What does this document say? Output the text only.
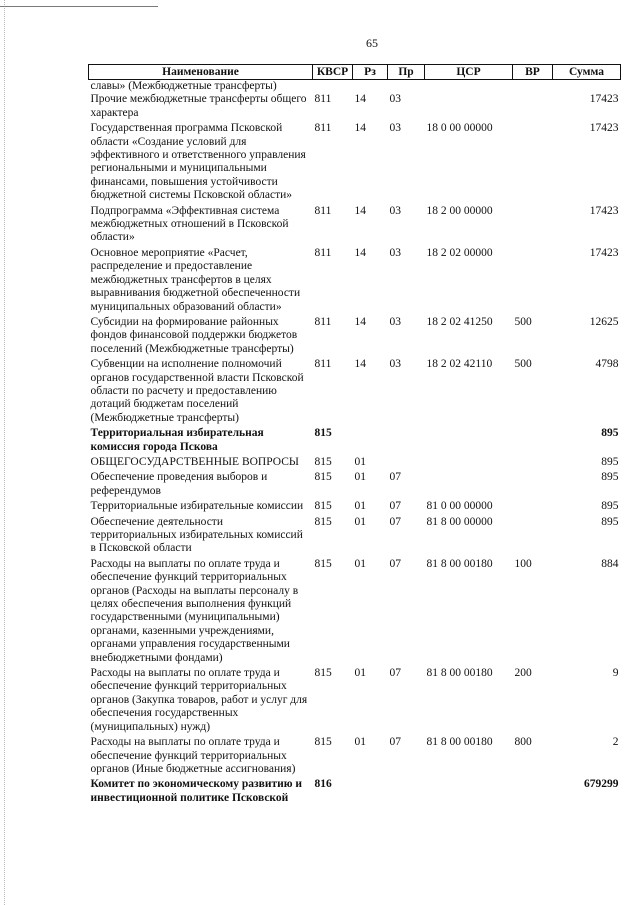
65
Наименование	КВСР	Рз	Пр	ЦСР	ВР	Сумма
славы» (Межбюджетные трансферты)						
Прочие межбюджетные трансферты общего характера	811	14	03			17423
Государственная программа Псковской области «Создание условий для эффективного и ответственного управления региональными и муниципальными финансами, повышения устойчивости бюджетной системы Псковской области»	811	14	03	18 0 00 00000		17423
Подпрограмма «Эффективная система межбюджетных отношений в Псковской области»	811	14	03	18 2 00 00000		17423
Основное мероприятие «Расчет, распределение и предоставление межбюджетных трансфертов в целях выравнивания бюджетной обеспеченности муниципальных образований области»	811	14	03	18 2 02 00000		17423
Субсидии на формирование районных фондов финансовой поддержки бюджетов поселений (Межбюджетные трансферты)	811	14	03	18 2 02 41250	500	12625
Субвенции на исполнение полномочий органов государственной власти Псковской области по расчету и предоставлению дотаций бюджетам поселений (Межбюджетные трансферты)	811	14	03	18 2 02 42110	500	4798
Территориальная избирательная комиссия города Пскова	815					895
ОБЩЕГОСУДАРСТВЕННЫЕ ВОПРОСЫ	815	01				895
Обеспечение проведения выборов и референдумов	815	01	07			895
Территориальные избирательные комиссии	815	01	07	81 0 00 00000		895
Обеспечение деятельности территориальных избирательных комиссий в Псковской области	815	01	07	81 8 00 00000		895
Расходы на выплаты по оплате труда и обеспечение функций территориальных органов (Расходы на выплаты персоналу в целях обеспечения выполнения функций государственными (муниципальными) органами, казенными учреждениями, органами управления государственными внебюджетными фондами)	815	01	07	81 8 00 00180	100	884
Расходы на выплаты по оплате труда и обеспечение функций территориальных органов (Закупка товаров, работ и услуг для обеспечения государственных (муниципальных) нужд)	815	01	07	81 8 00 00180	200	9
Расходы на выплаты по оплате труда и обеспечение функций территориальных органов (Иные бюджетные ассигнования)	815	01	07	81 8 00 00180	800	2
Комитет по экономическому развитию и инвестиционной политике Псковской	816					679299
